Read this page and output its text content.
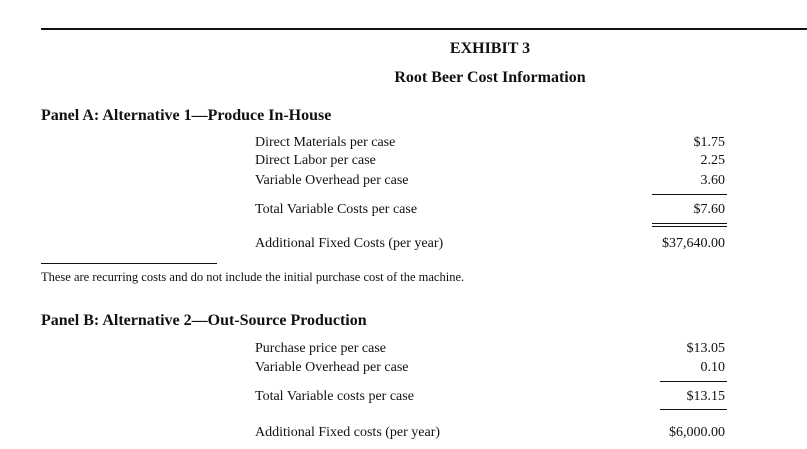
EXHIBIT 3
Root Beer Cost Information
Panel A: Alternative 1—Produce In-House
Direct Materials per case	$1.75
Direct Labor per case	2.25
Variable Overhead per case	3.60
Total Variable Costs per case	$7.60
Additional Fixed Costs (per year)	$37,640.00
These are recurring costs and do not include the initial purchase cost of the machine.
Panel B: Alternative 2—Out-Source Production
Purchase price per case	$13.05
Variable Overhead per case	0.10
Total Variable costs per case	$13.15
Additional Fixed costs (per year)	$6,000.00
